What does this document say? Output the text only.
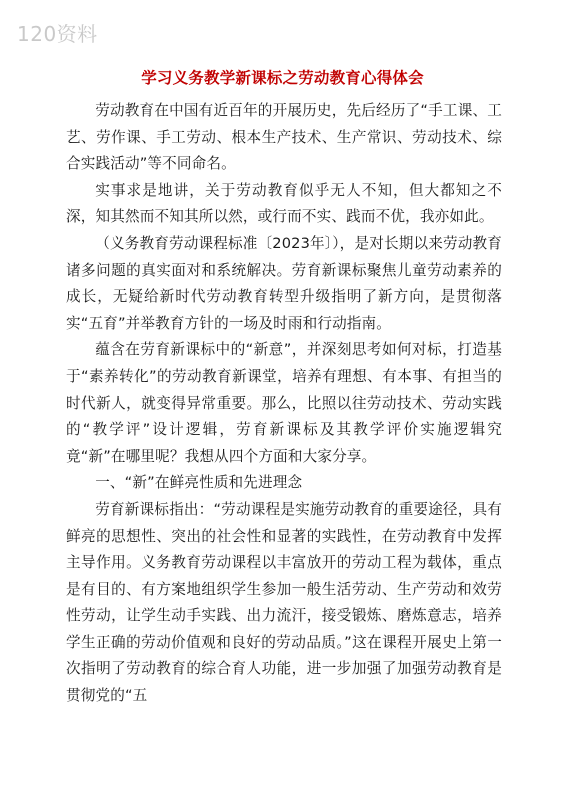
120资料
学习义务教学新课标之劳动教育心得体会

劳动教育在中国有近百年的开展历史，先后经历了“手工课、工艺、劳作课、手工劳动、根本生产技术、生产常识、劳动技术、综合实践活动”等不同命名。

实事求是地讲，关于劳动教育似乎无人不知，但大都知之不深，知其然而不知其所以然，或行而不实、践而不优，我亦如此。

（义务教育劳动课程标准〔2023年〕），是对长期以来劳动教育诸多问题的真实面对和系统解决。劳育新课标聚焦儿童劳动素养的成长，无疑给新时代劳动教育转型升级指明了新方向，是贯彻落实“五育”并举教育方针的一场及时雨和行动指南。

蕴含在劳育新课标中的“新意”，并深刻思考如何对标，打造基于“素养转化”的劳动教育新课堂，培养有理想、有本事、有担当的时代新人，就变得异常重要。那么，比照以往劳动技术、劳动实践的“教学评”设计逻辑，劳育新课标及其教学评价实施逻辑究竟“新”在哪里呢？我想从四个方面和大家分享。

一、“新”在鲜亮性质和先进理念

劳育新课标指出：“劳动课程是实施劳动教育的重要途径，具有鲜亮的思想性、突出的社会性和显著的实践性，在劳动教育中发挥主导作用。义务教育劳动课程以丰富放开的劳动工程为载体，重点是有目的、有方案地组织学生参加一般生活劳动、生产劳动和效劳性劳动，让学生动手实践、出力流汗，接受锻炼、磨炼意志，培养学生正确的劳动价值观和良好的劳动品质。”这在课程开展史上第一次指明了劳动教育的综合育人功能，进一步加强了加强劳动教育是贯彻党的“五
